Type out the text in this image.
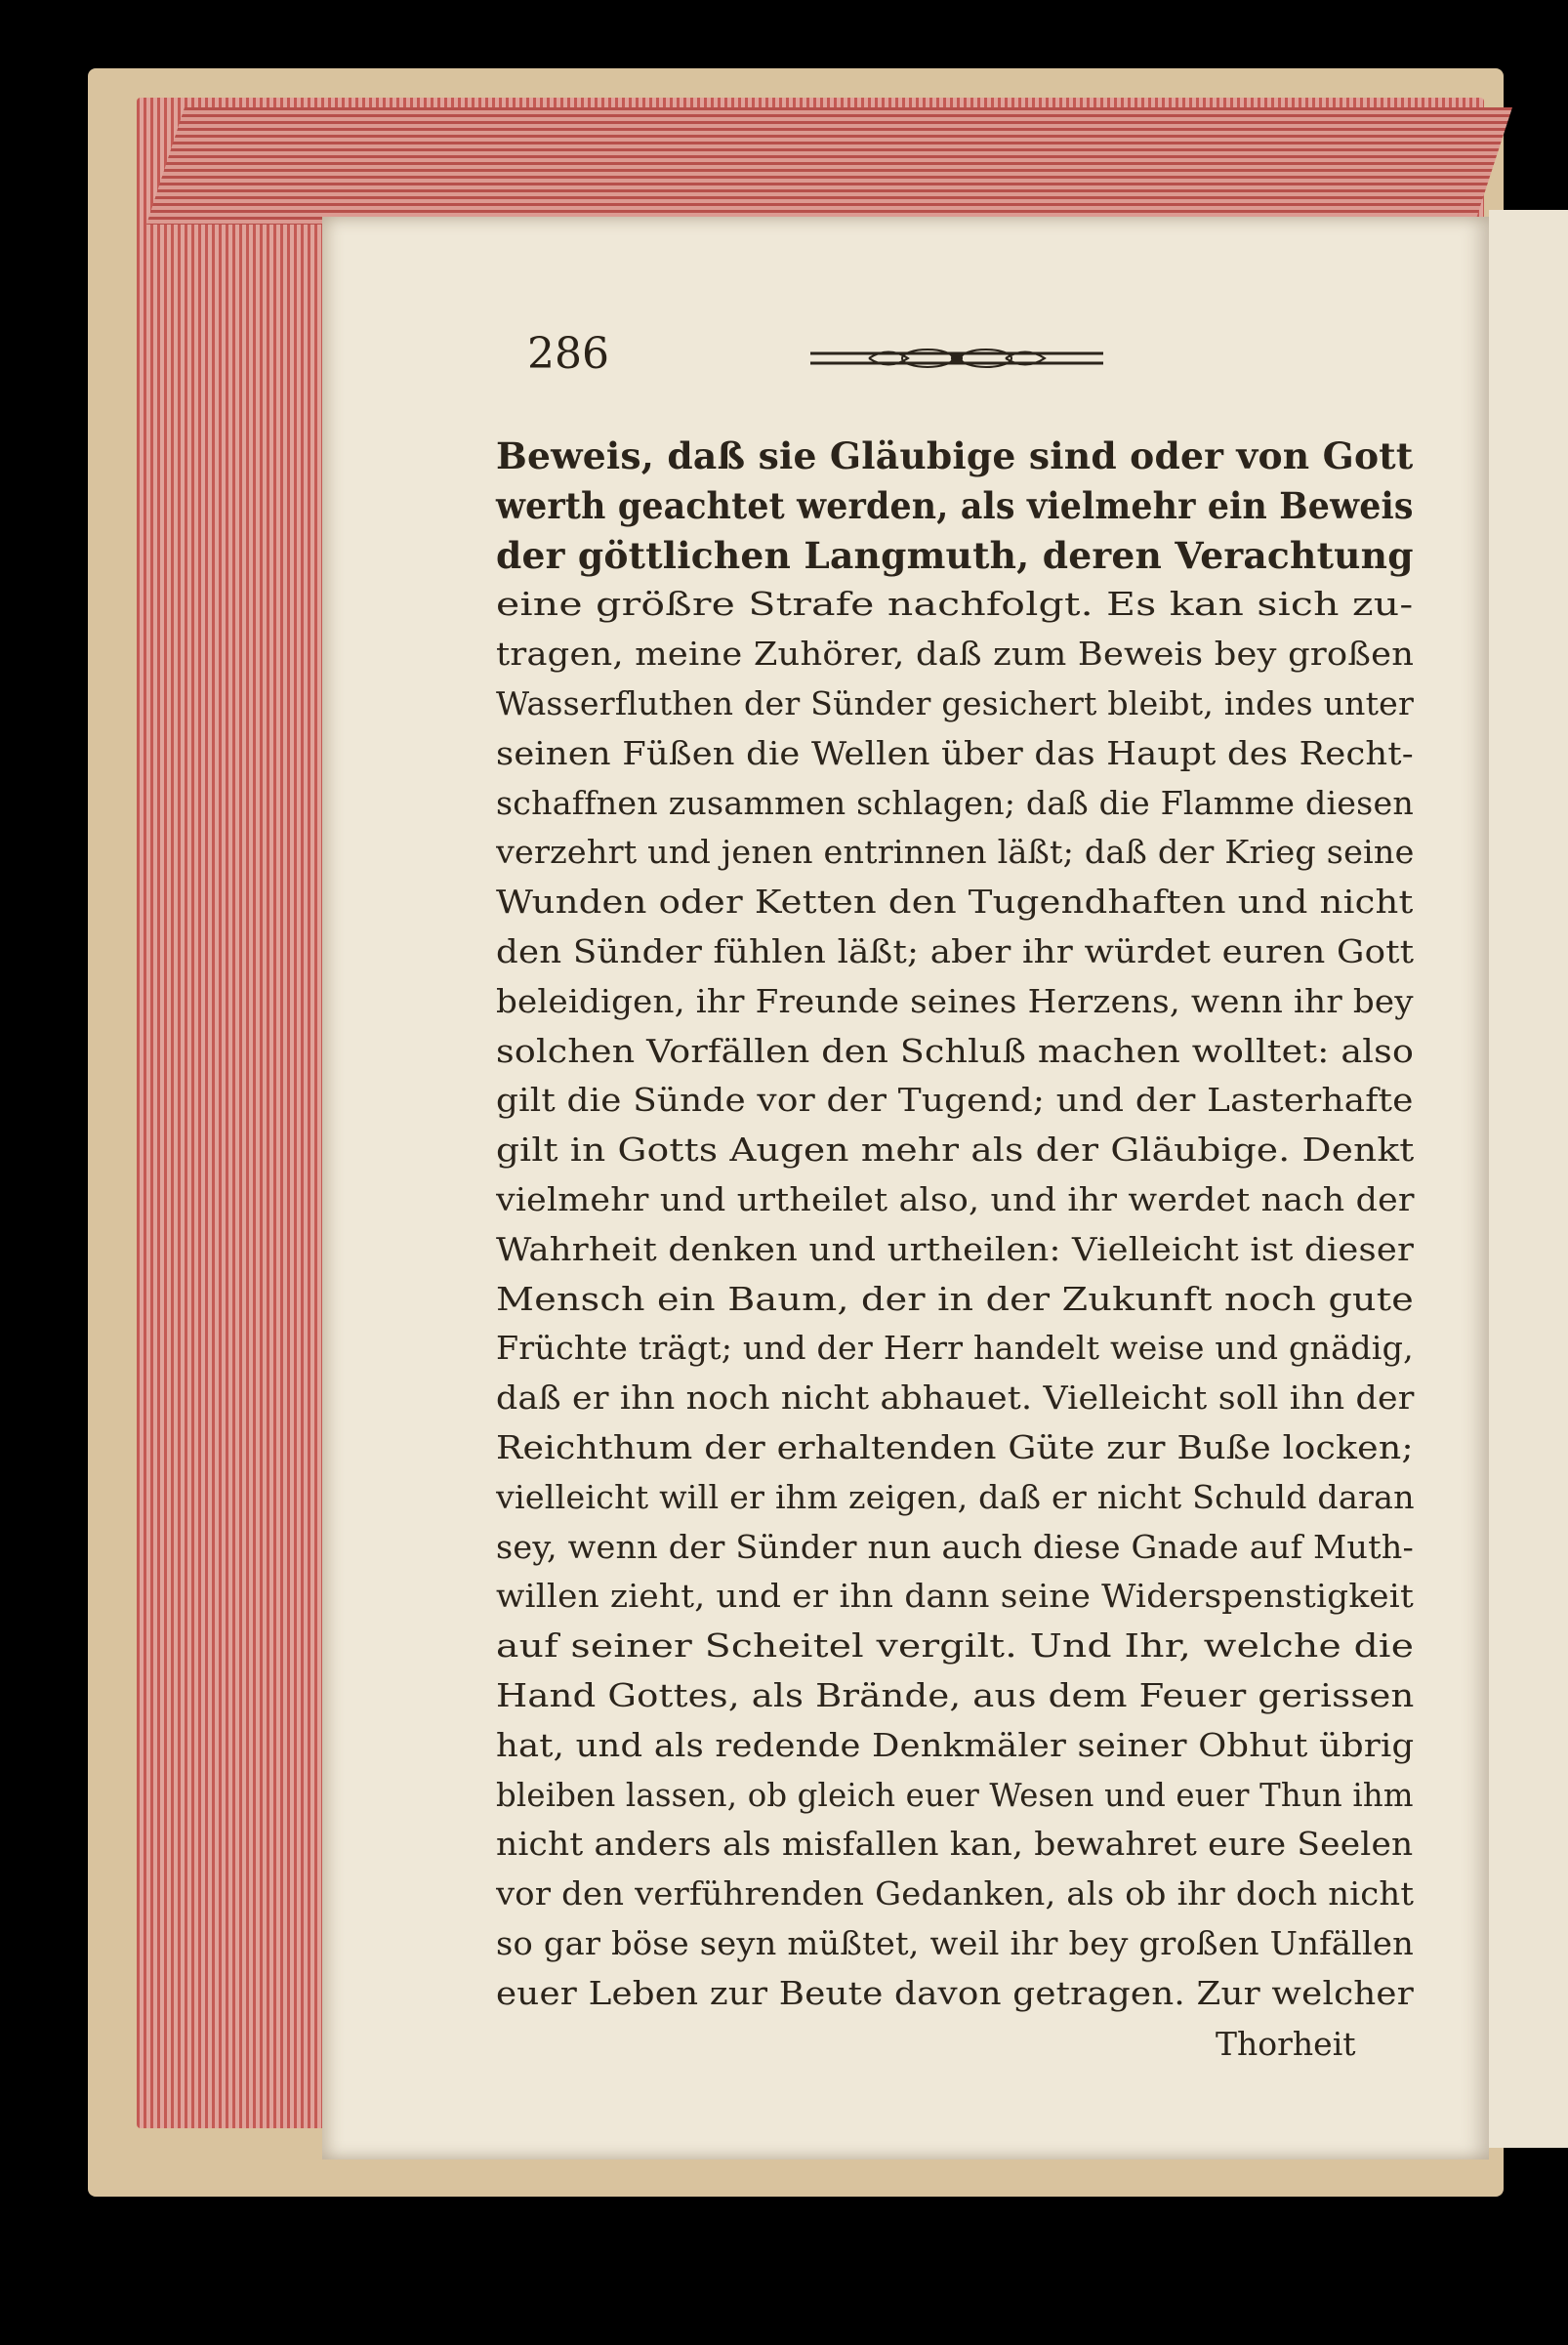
286
Beweis, daß sie Gläubige sind oder von Gott
werth geachtet werden, als vielmehr ein Beweis
der göttlichen Langmuth, deren Verachtung
eine größre Strafe nachfolgt. Es kan sich zu-
tragen, meine Zuhörer, daß zum Beweis bey großen
Wasserfluthen der Sünder gesichert bleibt, indes unter
seinen Füßen die Wellen über das Haupt des Recht-
schaffnen zusammen schlagen; daß die Flamme diesen
verzehrt und jenen entrinnen läßt; daß der Krieg seine
Wunden oder Ketten den Tugendhaften und nicht
den Sünder fühlen läßt; aber ihr würdet euren Gott
beleidigen, ihr Freunde seines Herzens, wenn ihr bey
solchen Vorfällen den Schluß machen wolltet: also
gilt die Sünde vor der Tugend; und der Lasterhafte
gilt in Gotts Augen mehr als der Gläubige. Denkt
vielmehr und urtheilet also, und ihr werdet nach der
Wahrheit denken und urtheilen: Vielleicht ist dieser
Mensch ein Baum, der in der Zukunft noch gute
Früchte trägt; und der Herr handelt weise und gnädig,
daß er ihn noch nicht abhauet. Vielleicht soll ihn der
Reichthum der erhaltenden Güte zur Buße locken;
vielleicht will er ihm zeigen, daß er nicht Schuld daran
sey, wenn der Sünder nun auch diese Gnade auf Muth-
willen zieht, und er ihn dann seine Widerspenstigkeit
auf seiner Scheitel vergilt. Und Ihr, welche die
Hand Gottes, als Brände, aus dem Feuer gerissen
hat, und als redende Denkmäler seiner Obhut übrig
bleiben lassen, ob gleich euer Wesen und euer Thun ihm
nicht anders als misfallen kan, bewahret eure Seelen
vor den verführenden Gedanken, als ob ihr doch nicht
so gar böse seyn müßtet, weil ihr bey großen Unfällen
euer Leben zur Beute davon getragen. Zur welcher
Thorheit
